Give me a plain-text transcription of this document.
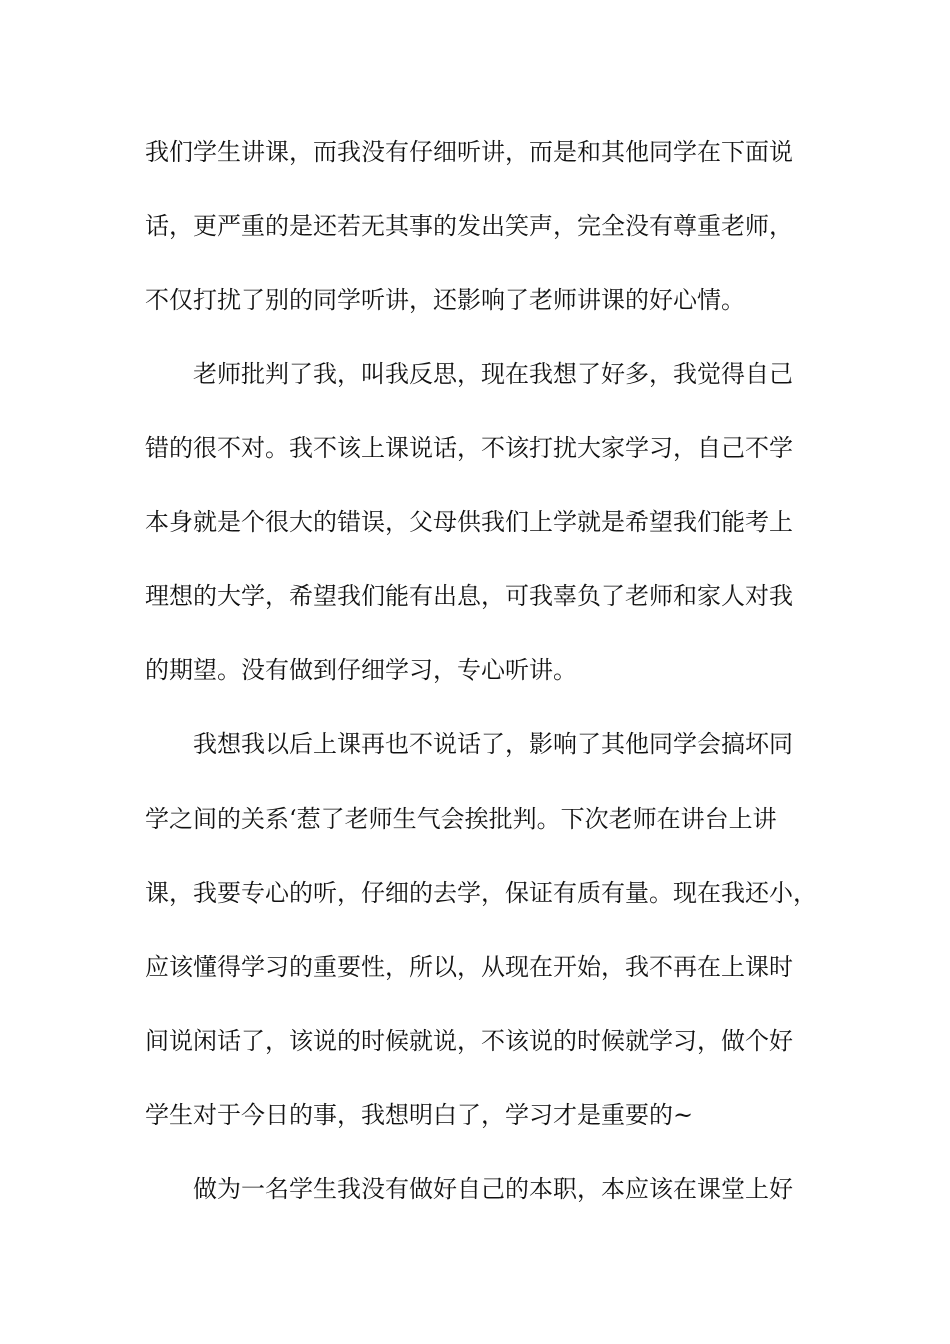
我们学生讲课，而我没有仔细听讲，而是和其他同学在下面说
话，更严重的是还若无其事的发出笑声，完全没有尊重老师，
不仅打扰了别的同学听讲，还影响了老师讲课的好心情。
老师批判了我，叫我反思，现在我想了好多，我觉得自己
错的很不对。我不该上课说话，不该打扰大家学习，自己不学
本身就是个很大的错误，父母供我们上学就是希望我们能考上
理想的大学，希望我们能有出息，可我辜负了老师和家人对我
的期望。没有做到仔细学习，专心听讲。
我想我以后上课再也不说话了，影响了其他同学会搞坏同
学之间的关系‘惹了老师生气会挨批判。下次老师在讲台上讲
课，我要专心的听，仔细的去学，保证有质有量。现在我还小，
应该懂得学习的重要性，所以，从现在开始，我不再在上课时
间说闲话了，该说的时候就说，不该说的时候就学习，做个好
学生对于今日的事，我想明白了，学习才是重要的~
做为一名学生我没有做好自己的本职，本应该在课堂上好
